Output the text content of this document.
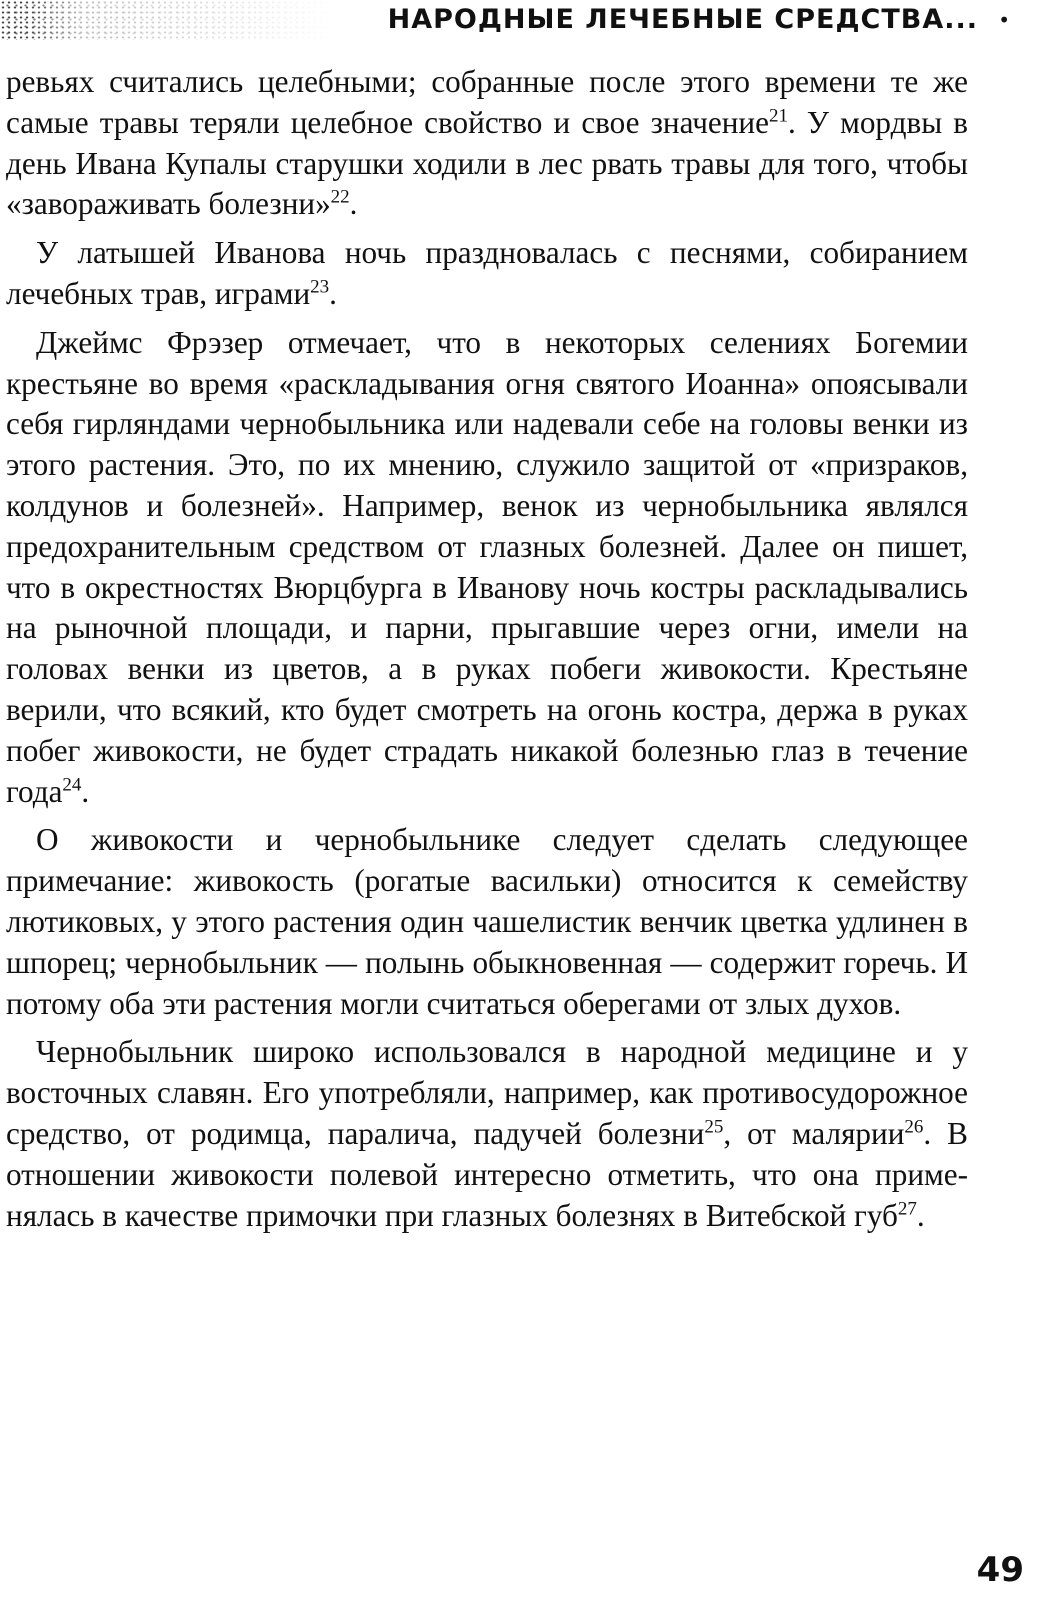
НАРОДНЫЕ ЛЕЧЕБНЫЕ СРЕДСТВА... •

ревьях считались целебными; собранные после этого времени те же самые травы теряли целебное свойство и свое значение$^{21}$. У мордвы в день Ивана Купалы старушки ходили в лес рвать травы для того, чтобы «завораживать болезни»$^{22}$.

У латышей Иванова ночь праздновалась с песнями, собиранием лечебных трав, играми$^{23}$.

Джеймс Фрэзер отмечает, что в некоторых селениях Богемии крестьяне во время «раскладывания огня святого Иоанна» опоясывали себя гирляндами чернобыльника или надевали себе на головы венки из этого растения. Это, по их мнению, служило защитой от «призраков, колдунов и болезней». Например, венок из чернобыльника являлся предохранительным средством от глазных болезней. Далее он пишет, что в окрестностях Вюрцбурга в Иванову ночь костры раскладывались на рыночной площади, и парни, прыгавшие через огни, имели на головах венки из цветов, а в руках побеги живокости. Крестьяне верили, что всякий, кто будет смотреть на огонь костра, держа в руках побег живокости, не будет страдать никакой болезнью глаз в течение года$^{24}$.

О живокости и чернобыльнике следует сделать следующее примечание: живокость (рогатые васильки) относится к семейству лютиковых, у этого растения один чашелистик венчик цветка удлинен в шпорец; чернобыльник — полынь обыкновенная — содержит горечь. И потому оба эти растения могли считаться оберегами от злых духов.

Чернобыльник широко использовался в народной медицине и у восточных славян. Его употребляли, например, как противосудорожное средство, от родимца, паралича, падучей болезни$^{25}$, от малярии$^{26}$. В отношении живокости полевой интересно отметить, что она применялась в качестве примочки при глазных болезнях в Витебской губ$^{27}$.

49
